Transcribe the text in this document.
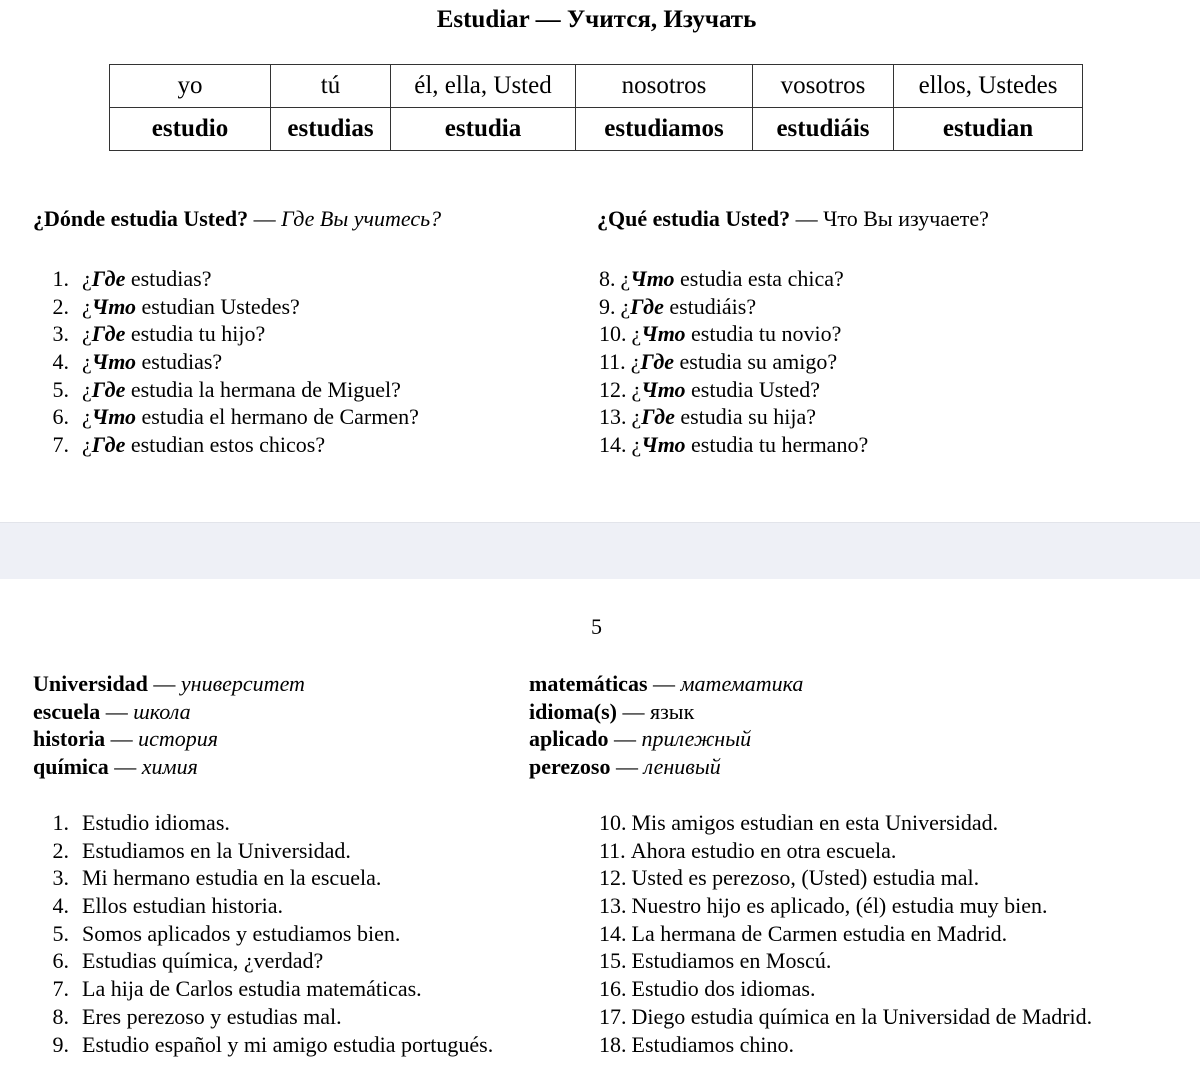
Estudiar — Учится, Изучать
yo	tú	él, ella, Usted	nosotros	vosotros	ellos, Ustedes
estudio	estudias	estudia	estudiamos	estudiáis	estudian
¿Dónde estudia Usted? — Где Вы учитесь?	¿Qué estudia Usted? — Что Вы изучаете?
1. ¿Где estudias?
2. ¿Что estudian Ustedes?
3. ¿Где estudia tu hijo?
4. ¿Что estudias?
5. ¿Где estudia la hermana de Miguel?
6. ¿Что estudia el hermano de Carmen?
7. ¿Где estudian estos chicos?
8. ¿Что estudia esta chica?
9. ¿Где estudiáis?
10. ¿Что estudia tu novio?
11. ¿Где estudia su amigo?
12. ¿Что estudia Usted?
13. ¿Где estudia su hija?
14. ¿Что estudia tu hermano?
5
Universidad — университет
escuela — школа
historia — история
química — химия
matemáticas — математика
idioma(s) — язык
aplicado — прилежный
perezoso — ленивый
1. Estudio idiomas.
2. Estudiamos en la Universidad.
3. Mi hermano estudia en la escuela.
4. Ellos estudian historia.
5. Somos aplicados y estudiamos bien.
6. Estudias química, ¿verdad?
7. La hija de Carlos estudia matemáticas.
8. Eres perezoso y estudias mal.
9. Estudio español y mi amigo estudia portugués.
10. Mis amigos estudian en esta Universidad.
11. Ahora estudio en otra escuela.
12. Usted es perezoso, (Usted) estudia mal.
13. Nuestro hijo es aplicado, (él) estudia muy bien.
14. La hermana de Carmen estudia en Madrid.
15. Estudiamos en Moscú.
16. Estudio dos idiomas.
17. Diego estudia química en la Universidad de Madrid.
18. Estudiamos chino.
